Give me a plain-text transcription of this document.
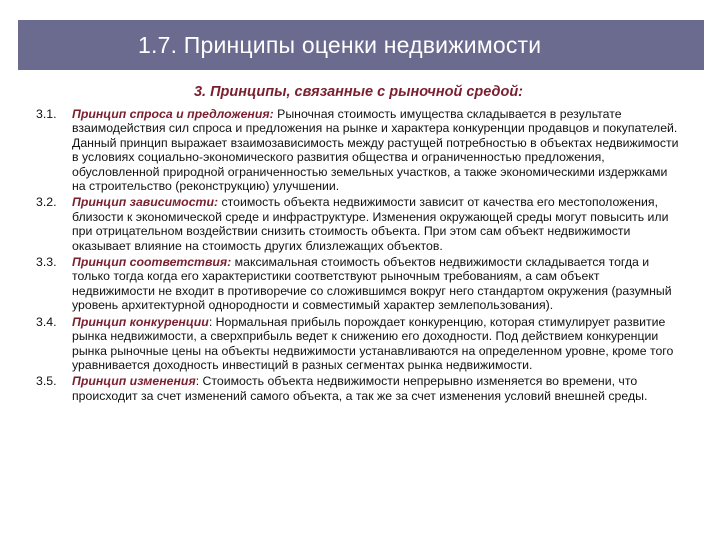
1.7. Принципы оценки недвижимости

3. Принципы, связанные с рыночной средой:

3.1.	Принцип спроса и предложения: Рыночная стоимость имущества складывается в результате взаимодействия сил спроса и предложения на рынке и характера конкуренции продавцов и покупателей. Данный принцип выражает взаимозависимость между растущей потребностью в объектах недвижимости в условиях социально-экономического развития общества и ограниченностью предложения, обусловленной природной ограниченностью земельных участков, а также экономическими издержками на строительство (реконструкцию) улучшении.
3.2.	Принцип зависимости: стоимость объекта недвижимости зависит от качества его местоположения, близости к экономической среде и инфраструктуре. Изменения окружающей среды могут повысить или при отрицательном воздействии снизить стоимость объекта. При этом сам объект недвижимости оказывает влияние на стоимость других близлежащих объектов.
3.3.	Принцип соответствия: максимальная стоимость объектов недвижимости складывается тогда и только тогда когда его характеристики соответствуют рыночным требованиям, а сам объект недвижимости не входит в противоречие со сложившимся вокруг него стандартом окружения (разумный уровень архитектурной однородности и совместимый характер землепользования).
3.4.	Принцип конкуренции: Нормальная прибыль порождает конкуренцию, которая стимулирует развитие рынка недвижимости, а сверхприбыль ведет к снижению его доходности. Под действием конкуренции рынка рыночные цены на объекты недвижимости устанавливаются на определенном уровне, кроме того уравнивается доходность инвестиций в разных сегментах рынка недвижимости.
3.5.	Принцип изменения: Стоимость объекта недвижимости непрерывно изменяется во времени, что происходит за счет изменений самого объекта, а так же за счет изменения условий внешней среды.
